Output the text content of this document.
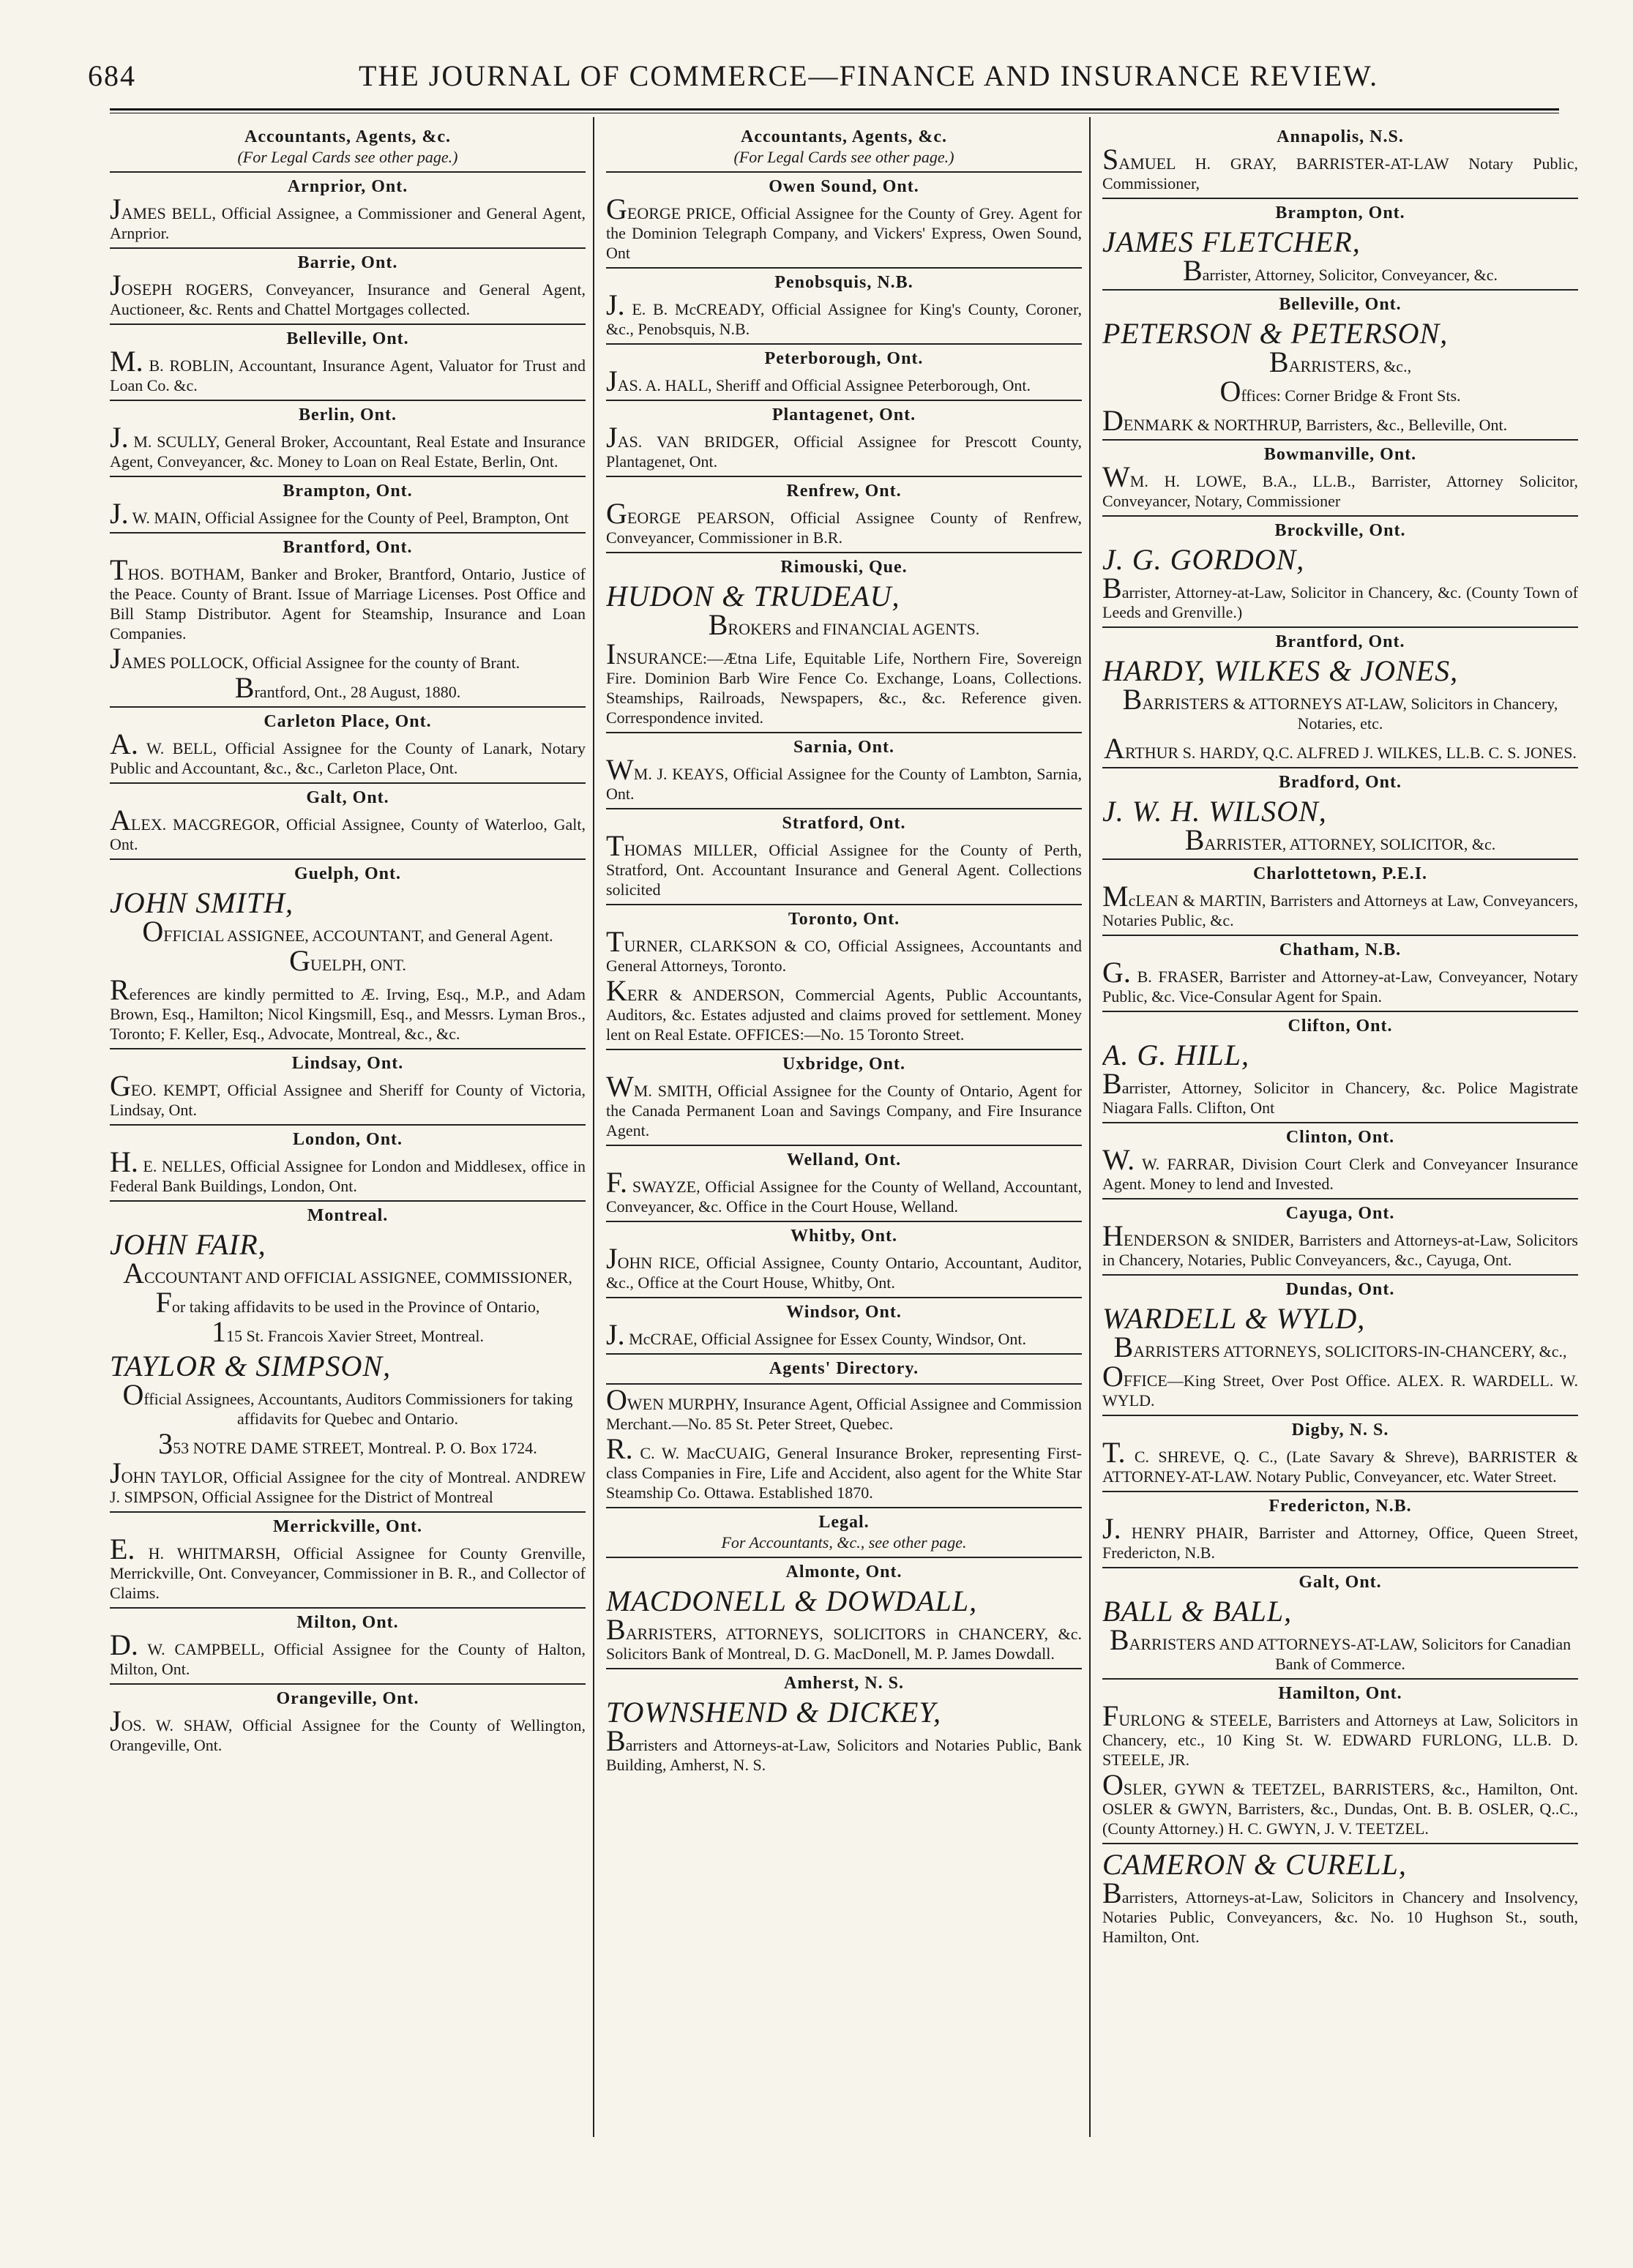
684	THE JOURNAL OF COMMERCE—FINANCE AND INSURANCE REVIEW.
Accountants, Agents, &c.
(For Legal Cards see other page.)
Arnprior, Ont.
JAMES BELL, Official Assignee, a Commissioner and General Agent, Arnprior.
Barrie, Ont.
JOSEPH ROGERS, Conveyancer, Insurance and General Agent, Auctioneer, &c. Rents and Chattel Mortgages collected.
Belleville, Ont.
M. B. ROBLIN, Accountant, Insurance Agent, Valuator for Trust and Loan Co. &c.
Berlin, Ont.
J. M. SCULLY, General Broker, Accountant, Real Estate and Insurance Agent, Conveyancer, &c. Money to Loan on Real Estate, Berlin, Ont.
Brampton, Ont.
J. W. MAIN, Official Assignee for the County of Peel, Brampton, Ont
Brantford, Ont.
THOS. BOTHAM, Banker and Broker, Brantford, Ontario, Justice of the Peace. County of Brant. Issue of Marriage Licenses. Post Office and Bill Stamp Distributor. Agent for Steamship, Insurance and Loan Companies.
JAMES POLLOCK, Official Assignee for the county of Brant.
Brantford, Ont., 28 August, 1880.
Carleton Place, Ont.
A. W. BELL, Official Assignee for the County of Lanark, Notary Public and Accountant, &c., &c., Carleton Place, Ont.
Galt, Ont.
ALEX. MACGREGOR, Official Assignee, County of Waterloo, Galt, Ont.
Guelph, Ont.
JOHN SMITH,
OFFICIAL ASSIGNEE, ACCOUNTANT, and General Agent.
GUELPH, ONT.
References are kindly permitted to Æ. Irving, Esq., M.P., and Adam Brown, Esq., Hamilton; Nicol Kingsmill, Esq., and Messrs. Lyman Bros., Toronto; F. Keller, Esq., Advocate, Montreal, &c., &c.
Lindsay, Ont.
GEO. KEMPT, Official Assignee and Sheriff for County of Victoria, Lindsay, Ont.
London, Ont.
H. E. NELLES, Official Assignee for London and Middlesex, office in Federal Bank Buildings, London, Ont.
Montreal.
JOHN FAIR,
ACCOUNTANT AND OFFICIAL ASSIGNEE, COMMISSIONER,
For taking affidavits to be used in the Province of Ontario,
115 St. Francois Xavier Street, Montreal.
TAYLOR & SIMPSON,
Official Assignees, Accountants, Auditors Commissioners for taking affidavits for Quebec and Ontario.
353 NOTRE DAME STREET, Montreal. P. O. Box 1724.
JOHN TAYLOR, Official Assignee for the city of Montreal. ANDREW J. SIMPSON, Official Assignee for the District of Montreal
Merrickville, Ont.
E. H. WHITMARSH, Official Assignee for County Grenville, Merrickville, Ont. Conveyancer, Commissioner in B. R., and Collector of Claims.
Milton, Ont.
D. W. CAMPBELL, Official Assignee for the County of Halton, Milton, Ont.
Orangeville, Ont.
JOS. W. SHAW, Official Assignee for the County of Wellington, Orangeville, Ont.
Accountants, Agents, &c.
(For Legal Cards see other page.)
Owen Sound, Ont.
GEORGE PRICE, Official Assignee for the County of Grey. Agent for the Dominion Telegraph Company, and Vickers' Express, Owen Sound, Ont
Penobsquis, N.B.
J. E. B. McCREADY, Official Assignee for King's County, Coroner, &c., Penobsquis, N.B.
Peterborough, Ont.
JAS. A. HALL, Sheriff and Official Assignee Peterborough, Ont.
Plantagenet, Ont.
JAS. VAN BRIDGER, Official Assignee for Prescott County, Plantagenet, Ont.
Renfrew, Ont.
GEORGE PEARSON, Official Assignee County of Renfrew, Conveyancer, Commissioner in B.R.
Rimouski, Que.
HUDON & TRUDEAU,
BROKERS and FINANCIAL AGENTS.
INSURANCE:—Ætna Life, Equitable Life, Northern Fire, Sovereign Fire. Dominion Barb Wire Fence Co. Exchange, Loans, Collections. Steamships, Railroads, Newspapers, &c., &c. Reference given. Correspondence invited.
Sarnia, Ont.
WM. J. KEAYS, Official Assignee for the County of Lambton, Sarnia, Ont.
Stratford, Ont.
THOMAS MILLER, Official Assignee for the County of Perth, Stratford, Ont. Accountant Insurance and General Agent. Collections solicited
Toronto, Ont.
TURNER, CLARKSON & CO, Official Assignees, Accountants and General Attorneys, Toronto.
KERR & ANDERSON, Commercial Agents, Public Accountants, Auditors, &c. Estates adjusted and claims proved for settlement. Money lent on Real Estate. OFFICES:—No. 15 Toronto Street.
Uxbridge, Ont.
WM. SMITH, Official Assignee for the County of Ontario, Agent for the Canada Permanent Loan and Savings Company, and Fire Insurance Agent.
Welland, Ont.
F. SWAYZE, Official Assignee for the County of Welland, Accountant, Conveyancer, &c. Office in the Court House, Welland.
Whitby, Ont.
JOHN RICE, Official Assignee, County Ontario, Accountant, Auditor, &c., Office at the Court House, Whitby, Ont.
Windsor, Ont.
J. McCRAE, Official Assignee for Essex County, Windsor, Ont.
Agents' Directory.
OWEN MURPHY, Insurance Agent, Official Assignee and Commission Merchant.—No. 85 St. Peter Street, Quebec.
R. C. W. MacCUAIG, General Insurance Broker, representing First-class Companies in Fire, Life and Accident, also agent for the White Star Steamship Co. Ottawa. Established 1870.
Legal.
For Accountants, &c., see other page.
Almonte, Ont.
MACDONELL & DOWDALL,
BARRISTERS, ATTORNEYS, SOLICITORS in CHANCERY, &c. Solicitors Bank of Montreal, D. G. MacDonell, M. P. James Dowdall.
Amherst, N. S.
TOWNSHEND & DICKEY,
Barristers and Attorneys-at-Law, Solicitors and Notaries Public, Bank Building, Amherst, N. S.
Annapolis, N.S.
SAMUEL H. GRAY, BARRISTER-AT-LAW Notary Public, Commissioner,
Brampton, Ont.
JAMES FLETCHER,
Barrister, Attorney, Solicitor, Conveyancer, &c.
Belleville, Ont.
PETERSON & PETERSON,
BARRISTERS, &c.,
Offices: Corner Bridge & Front Sts.
DENMARK & NORTHRUP, Barristers, &c., Belleville, Ont.
Bowmanville, Ont.
WM. H. LOWE, B.A., LL.B., Barrister, Attorney Solicitor, Conveyancer, Notary, Commissioner
Brockville, Ont.
J. G. GORDON,
Barrister, Attorney-at-Law, Solicitor in Chancery, &c. (County Town of Leeds and Grenville.)
Brantford, Ont.
HARDY, WILKES & JONES,
BARRISTERS & ATTORNEYS AT-LAW, Solicitors in Chancery, Notaries, etc.
ARTHUR S. HARDY, Q.C. ALFRED J. WILKES, LL.B. C. S. JONES.
Bradford, Ont.
J. W. H. WILSON,
BARRISTER, ATTORNEY, SOLICITOR, &c.
Charlottetown, P.E.I.
McLEAN & MARTIN, Barristers and Attorneys at Law, Conveyancers, Notaries Public, &c.
Chatham, N.B.
G. B. FRASER, Barrister and Attorney-at-Law, Conveyancer, Notary Public, &c. Vice-Consular Agent for Spain.
Clifton, Ont.
A. G. HILL,
Barrister, Attorney, Solicitor in Chancery, &c. Police Magistrate Niagara Falls. Clifton, Ont
Clinton, Ont.
W. W. FARRAR, Division Court Clerk and Conveyancer Insurance Agent. Money to lend and Invested.
Cayuga, Ont.
HENDERSON & SNIDER, Barristers and Attorneys-at-Law, Solicitors in Chancery, Notaries, Public Conveyancers, &c., Cayuga, Ont.
Dundas, Ont.
WARDELL & WYLD,
BARRISTERS ATTORNEYS, SOLICITORS-IN-CHANCERY, &c.,
OFFICE—King Street, Over Post Office. ALEX. R. WARDELL. W. WYLD.
Digby, N. S.
T. C. SHREVE, Q. C., (Late Savary & Shreve), BARRISTER & ATTORNEY-AT-LAW. Notary Public, Conveyancer, etc. Water Street.
Fredericton, N.B.
J. HENRY PHAIR, Barrister and Attorney, Office, Queen Street, Fredericton, N.B.
Galt, Ont.
BALL & BALL,
BARRISTERS AND ATTORNEYS-AT-LAW, Solicitors for Canadian Bank of Commerce.
Hamilton, Ont.
FURLONG & STEELE, Barristers and Attorneys at Law, Solicitors in Chancery, etc., 10 King St. W. EDWARD FURLONG, LL.B. D. STEELE, JR.
OSLER, GYWN & TEETZEL, BARRISTERS, &c., Hamilton, Ont. OSLER & GWYN, Barristers, &c., Dundas, Ont. B. B. OSLER, Q..C., (County Attorney.) H. C. GWYN, J. V. TEETZEL.
CAMERON & CURELL,
Barristers, Attorneys-at-Law, Solicitors in Chancery and Insolvency, Notaries Public, Conveyancers, &c. No. 10 Hughson St., south, Hamilton, Ont.
